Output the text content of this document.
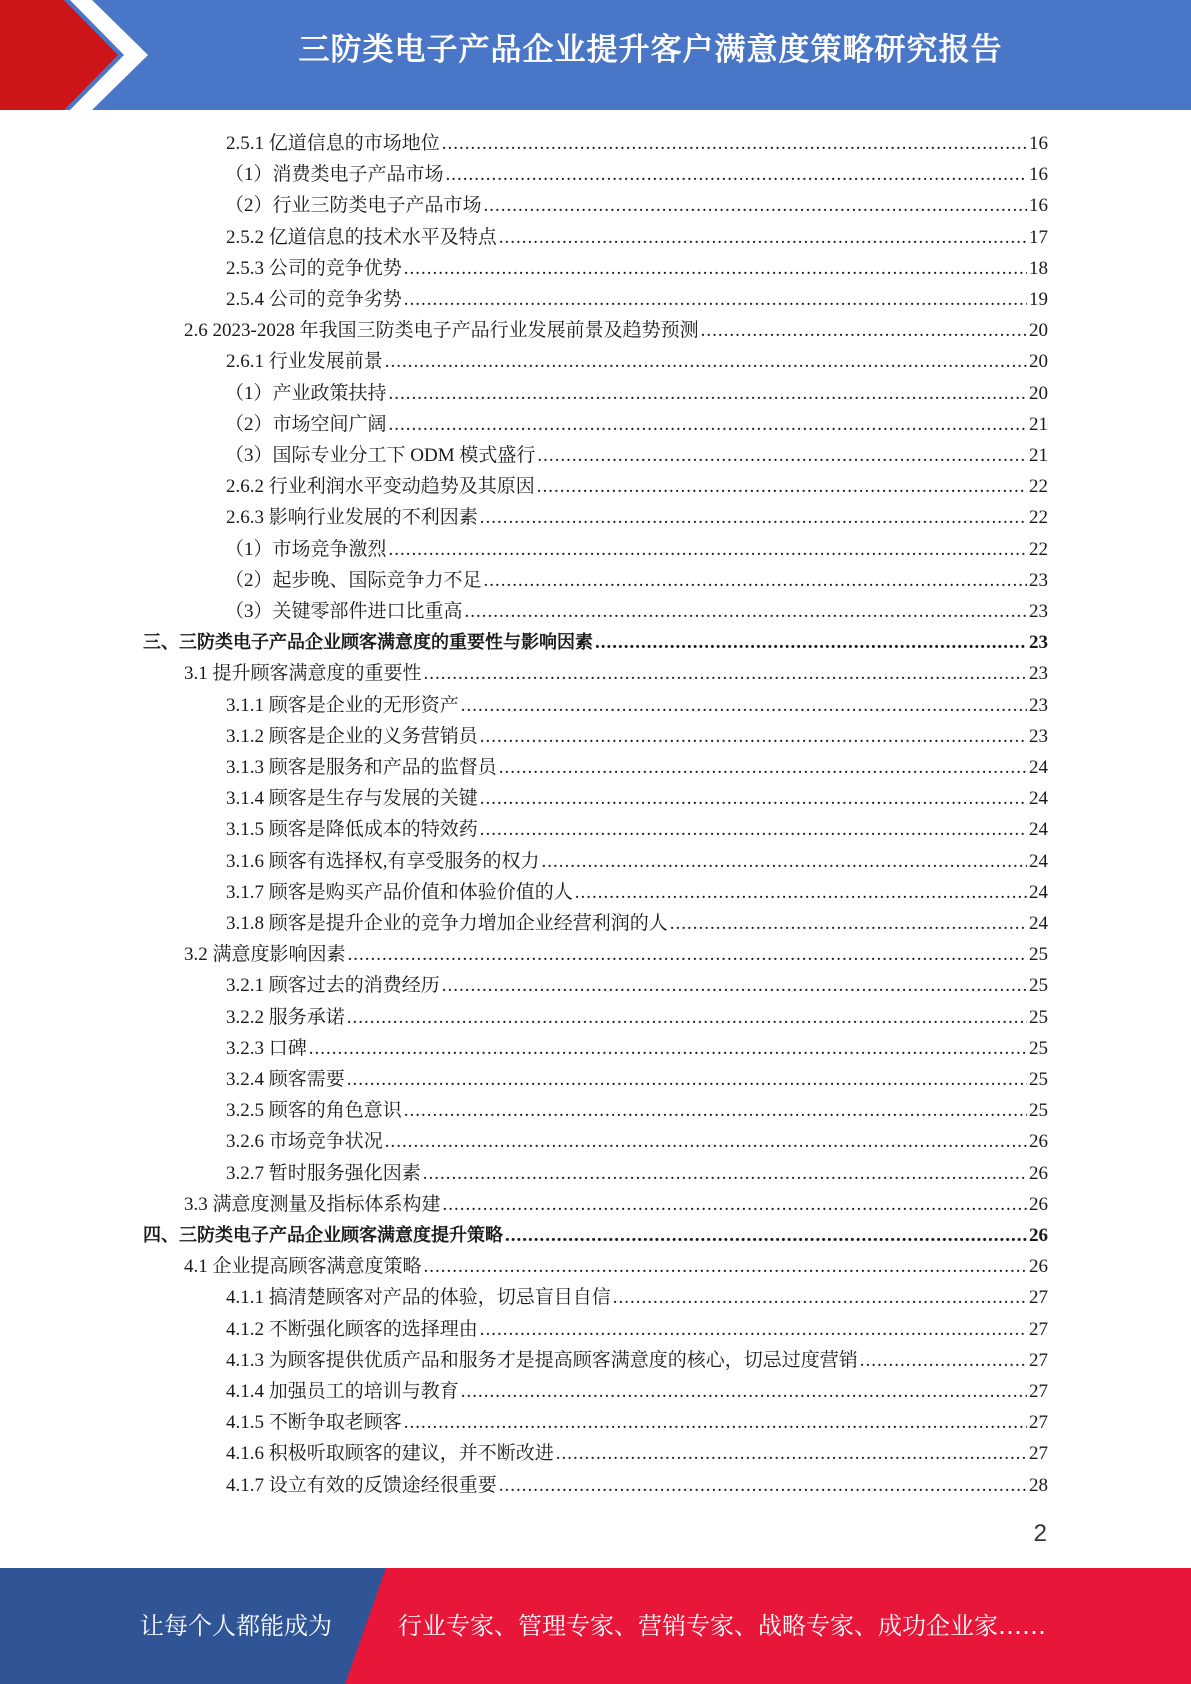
三防类电子产品企业提升客户满意度策略研究报告
2.5.1 亿道信息的市场地位 .....	16
（1）消费类电子产品市场 .....	16
（2）行业三防类电子产品市场 .....	16
2.5.2 亿道信息的技术水平及特点 .....	17
2.5.3 公司的竞争优势 .....	18
2.5.4 公司的竞争劣势 .....	19
2.6 2023-2028 年我国三防类电子产品行业发展前景及趋势预测 .....	20
2.6.1 行业发展前景 .....	20
（1）产业政策扶持 .....	20
（2）市场空间广阔 .....	21
（3）国际专业分工下 ODM 模式盛行 .....	21
2.6.2 行业利润水平变动趋势及其原因 .....	22
2.6.3 影响行业发展的不利因素 .....	22
（1）市场竞争激烈 .....	22
（2）起步晚、国际竞争力不足 .....	23
（3）关键零部件进口比重高 .....	23
三、三防类电子产品企业顾客满意度的重要性与影响因素 .....	23
3.1 提升顾客满意度的重要性 .....	23
3.1.1 顾客是企业的无形资产 .....	23
3.1.2 顾客是企业的义务营销员 .....	23
3.1.3 顾客是服务和产品的监督员 .....	24
3.1.4 顾客是生存与发展的关键 .....	24
3.1.5 顾客是降低成本的特效药 .....	24
3.1.6 顾客有选择权,有享受服务的权力 .....	24
3.1.7 顾客是购买产品价值和体验价值的人 .....	24
3.1.8 顾客是提升企业的竞争力增加企业经营利润的人 .....	24
3.2 满意度影响因素 .....	25
3.2.1 顾客过去的消费经历 .....	25
3.2.2 服务承诺 .....	25
3.2.3 口碑 .....	25
3.2.4 顾客需要 .....	25
3.2.5 顾客的角色意识 .....	25
3.2.6 市场竞争状况 .....	26
3.2.7 暂时服务强化因素 .....	26
3.3 满意度测量及指标体系构建 .....	26
四、三防类电子产品企业顾客满意度提升策略 .....	26
4.1 企业提高顾客满意度策略 .....	26
4.1.1 搞清楚顾客对产品的体验，切忌盲目自信 .....	27
4.1.2 不断强化顾客的选择理由 .....	27
4.1.3 为顾客提供优质产品和服务才是提高顾客满意度的核心，切忌过度营销 .....	27
4.1.4 加强员工的培训与教育 .....	27
4.1.5 不断争取老顾客 .....	27
4.1.6 积极听取顾客的建议，并不断改进 .....	27
4.1.7 设立有效的反馈途经很重要 .....	28
2
让每个人都能成为	行业专家、管理专家、营销专家、战略专家、成功企业家……
